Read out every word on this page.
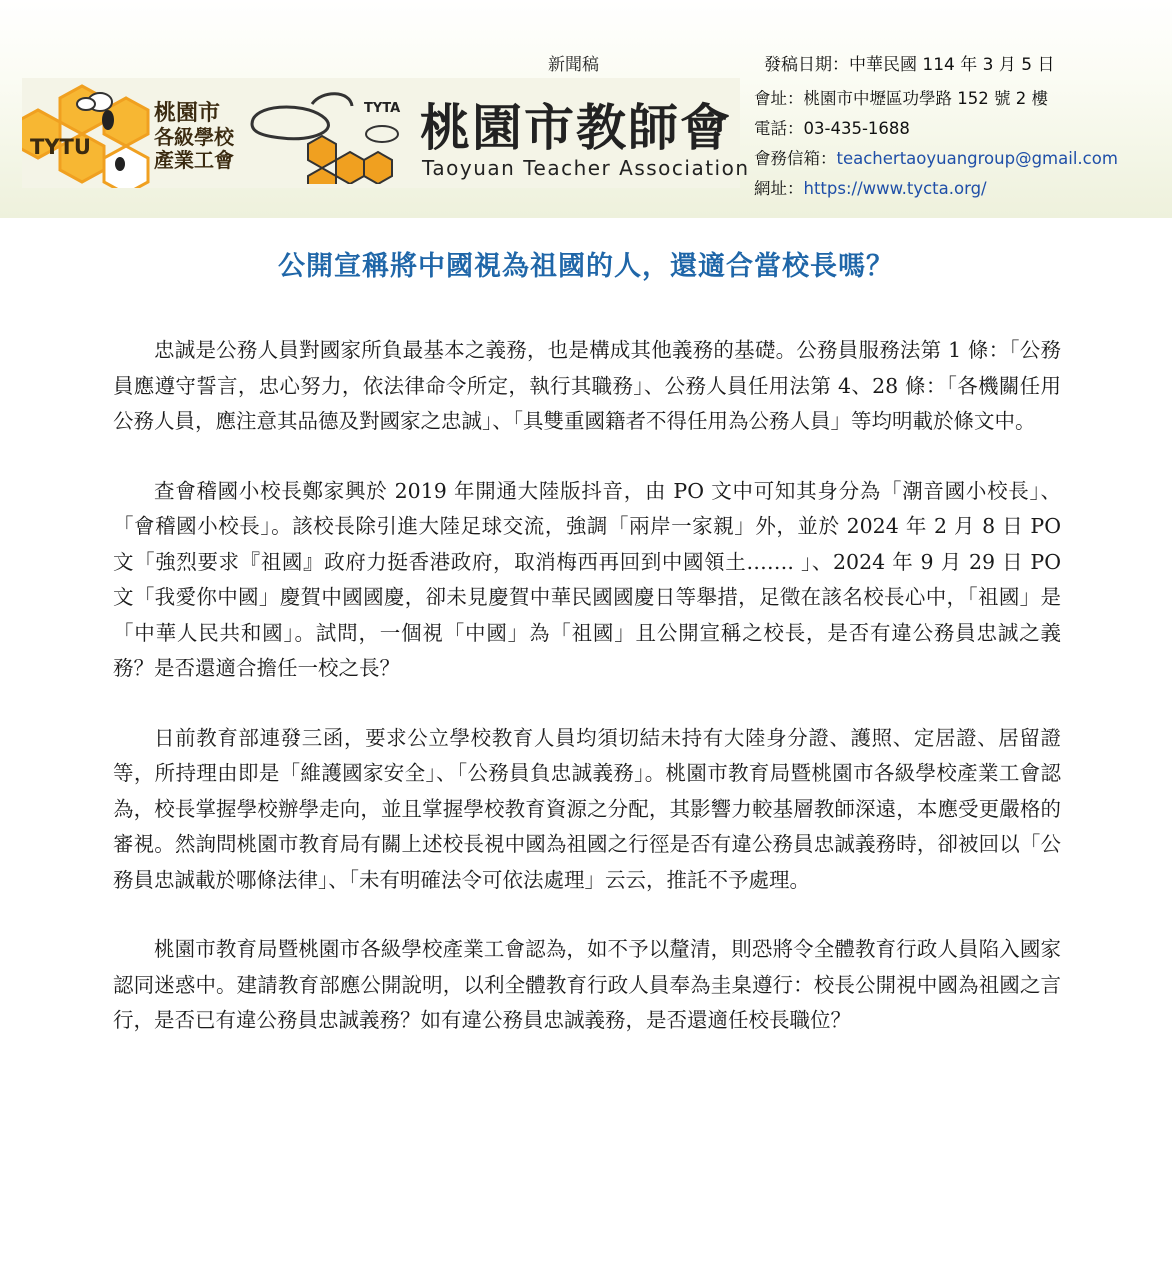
新聞稿	發稿日期：中華民國 114 年 3 月 5 日
TYTU
桃園市
各級學校
產業工會
TYTA 桃園市教師會
Taoyuan Teacher Association
會址：桃園市中壢區功學路 152 號 2 樓
電話：03-435-1688
會務信箱：teachertaoyuangroup@gmail.com
網址：https://www.tycta.org/
公開宣稱將中國視為祖國的人，還適合當校長嗎？

忠誠是公務人員對國家所負最基本之義務，也是構成其他義務的基礎。公務員服務法第 1 條：「公務員應遵守誓言，忠心努力，依法律命令所定，執行其職務」、公務人員任用法第 4、28 條：「各機關任用公務人員，應注意其品德及對國家之忠誠」、「具雙重國籍者不得任用為公務人員」等均明載於條文中。

查會稽國小校長鄭家興於 2019 年開通大陸版抖音，由 PO 文中可知其身分為「潮音國小校長」、「會稽國小校長」。該校長除引進大陸足球交流，強調「兩岸一家親」外，並於 2024 年 2 月 8 日 PO 文「強烈要求『祖國』政府力挺香港政府，取消梅西再回到中國領土……. 」、2024 年 9 月 29 日 PO 文「我愛你中國」慶賀中國國慶，卻未見慶賀中華民國國慶日等舉措，足徵在該名校長心中，「祖國」是「中華人民共和國」。試問，一個視「中國」為「祖國」且公開宣稱之校長，是否有違公務員忠誠之義務？是否還適合擔任一校之長？

日前教育部連發三函，要求公立學校教育人員均須切結未持有大陸身分證、護照、定居證、居留證等，所持理由即是「維護國家安全」、「公務員負忠誠義務」。桃園市教育局暨桃園市各級學校產業工會認為，校長掌握學校辦學走向，並且掌握學校教育資源之分配，其影響力較基層教師深遠，本應受更嚴格的審視。然詢問桃園市教育局有關上述校長視中國為祖國之行徑是否有違公務員忠誠義務時，卻被回以「公務員忠誠載於哪條法律」、「未有明確法令可依法處理」云云，推託不予處理。

桃園市教育局暨桃園市各級學校產業工會認為，如不予以釐清，則恐將令全體教育行政人員陷入國家認同迷惑中。建請教育部應公開說明，以利全體教育行政人員奉為圭臬遵行：校長公開視中國為祖國之言行，是否已有違公務員忠誠義務？如有違公務員忠誠義務，是否還適任校長職位？
